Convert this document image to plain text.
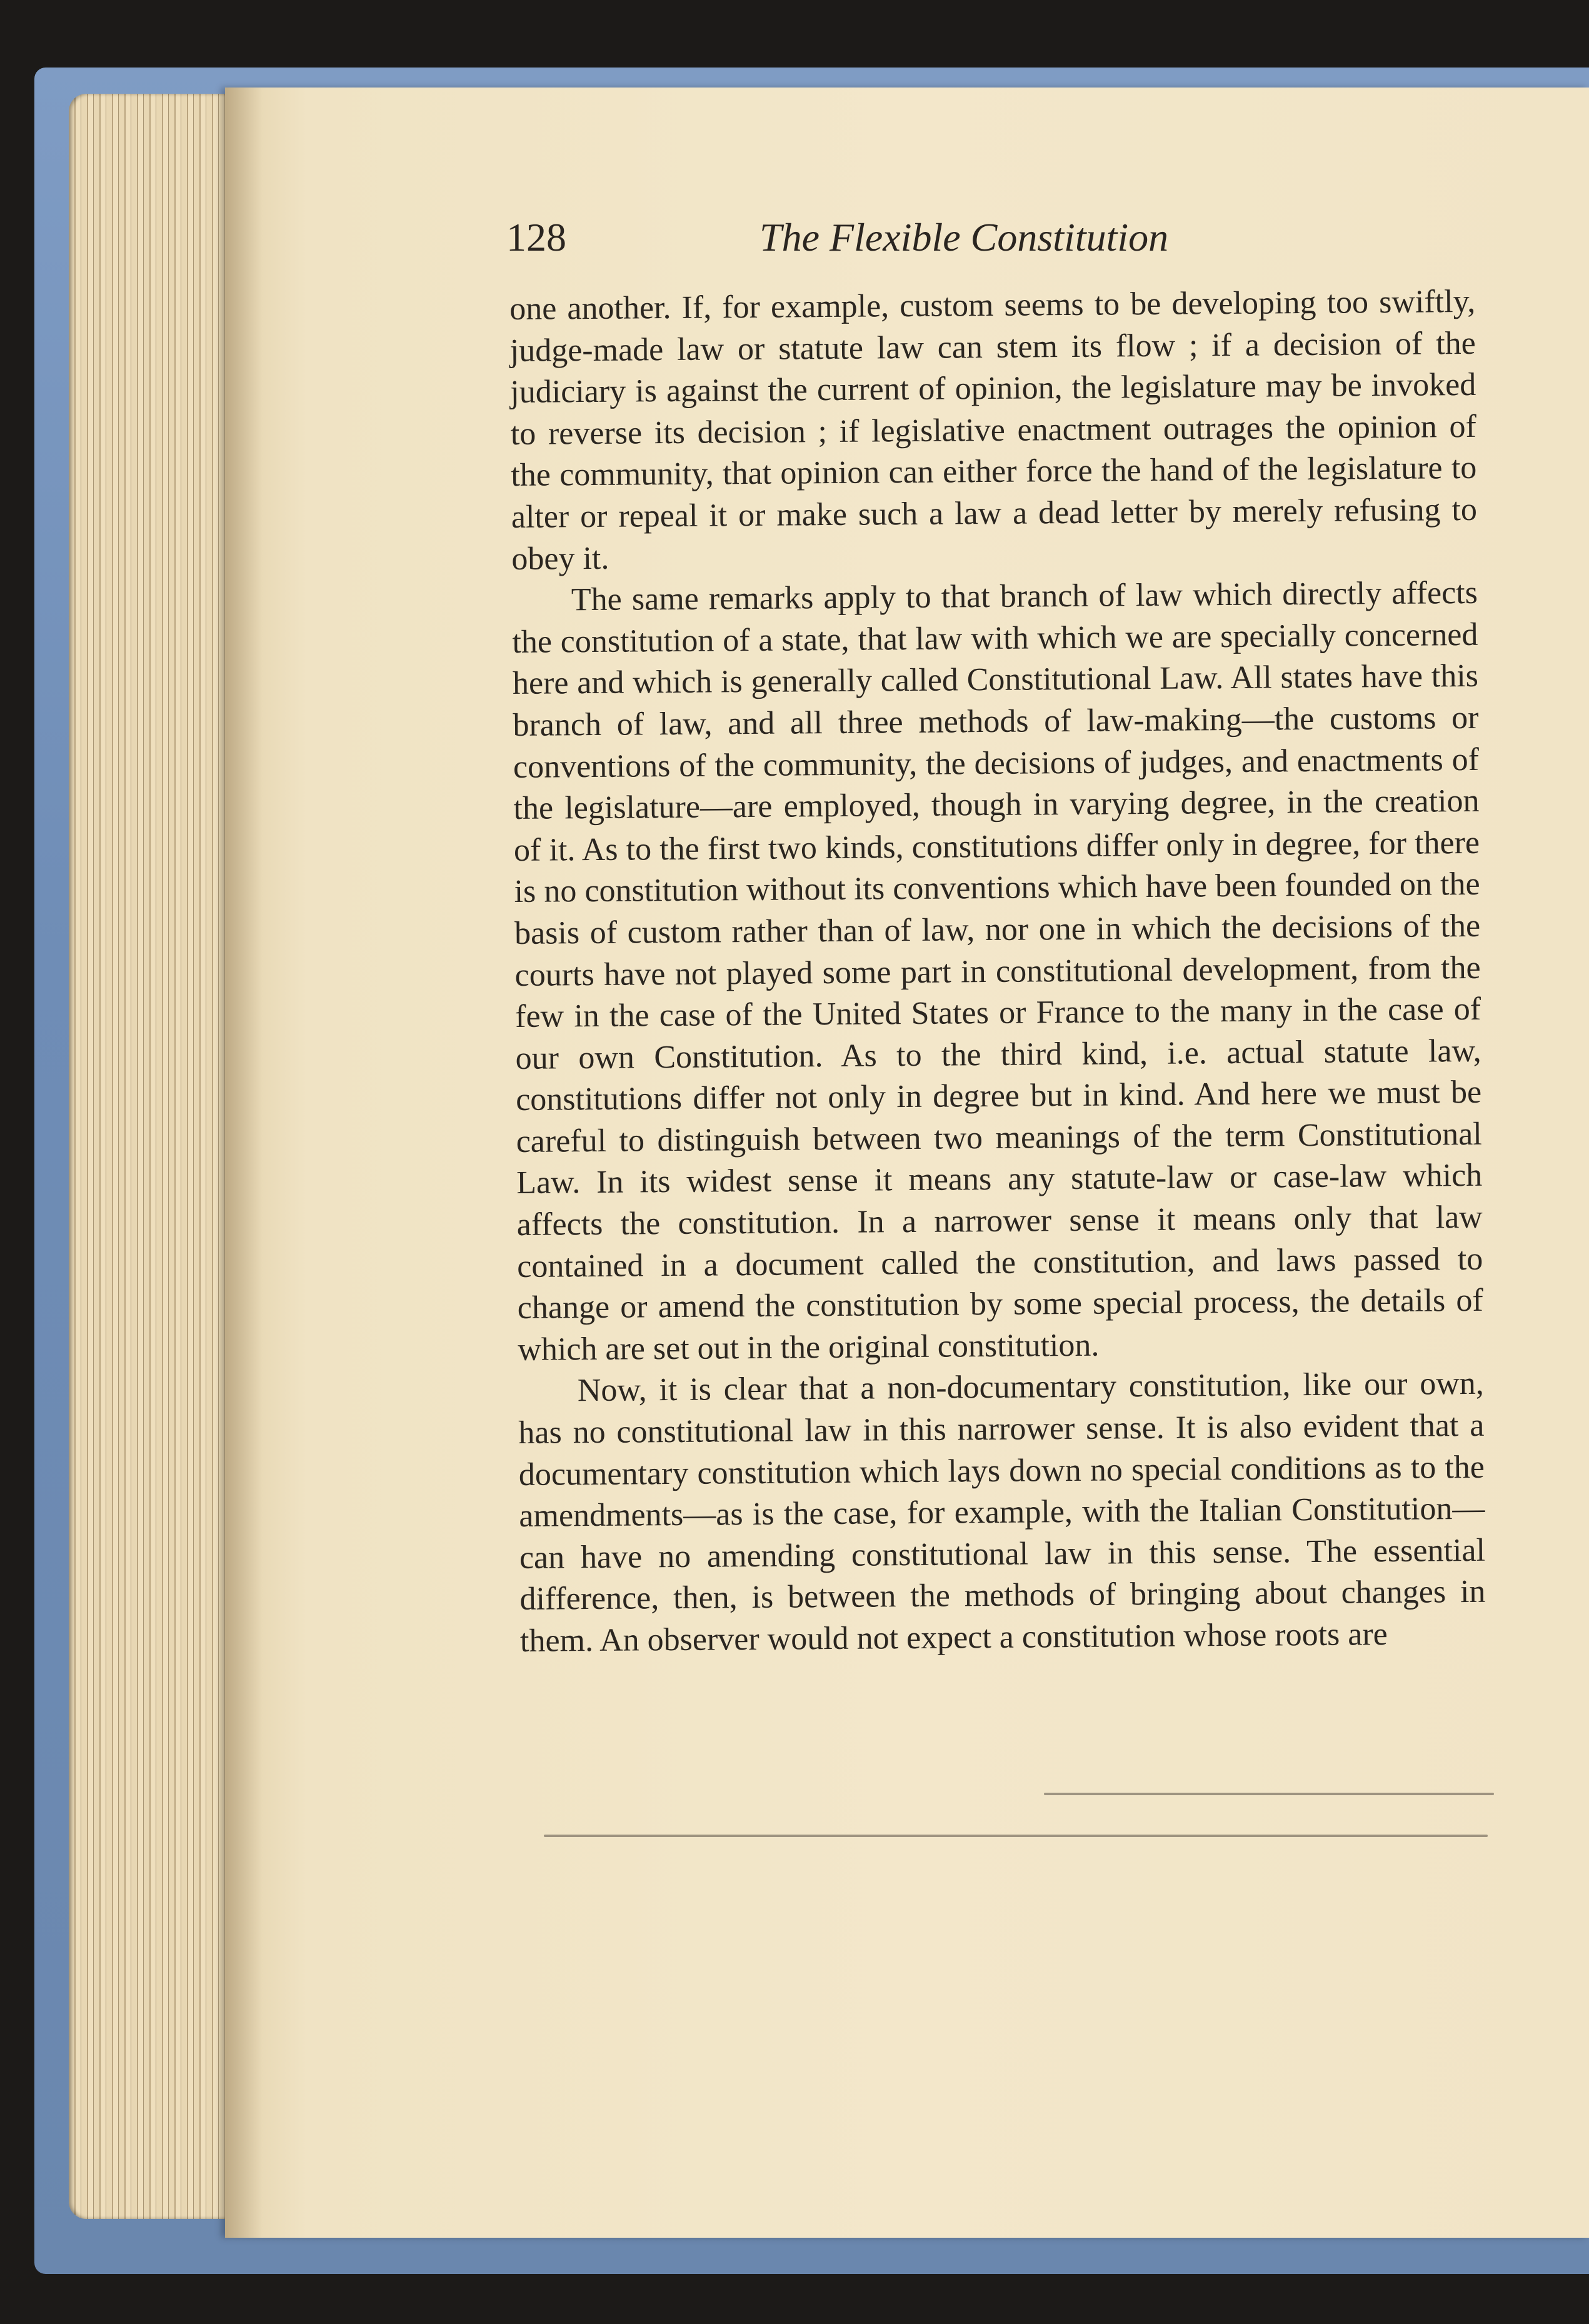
128	The Flexible Constitution

one another. If, for example, custom seems to be developing too swiftly, judge-made law or statute law can stem its flow ; if a decision of the judiciary is against the current of opinion, the legislature may be invoked to reverse its decision ; if legislative enactment outrages the opinion of the community, that opinion can either force the hand of the legislature to alter or repeal it or make such a law a dead letter by merely refusing to obey it.

The same remarks apply to that branch of law which directly affects the constitution of a state, that law with which we are specially concerned here and which is generally called Constitutional Law. All states have this branch of law, and all three methods of law-making—the customs or conventions of the community, the decisions of judges, and enactments of the legislature—are employed, though in varying degree, in the creation of it. As to the first two kinds, constitutions differ only in degree, for there is no constitution without its conventions which have been founded on the basis of custom rather than of law, nor one in which the decisions of the courts have not played some part in constitutional development, from the few in the case of the United States or France to the many in the case of our own Constitution. As to the third kind, i.e. actual statute law, constitutions differ not only in degree but in kind. And here we must be careful to distinguish between two meanings of the term Constitutional Law. In its widest sense it means any statute-law or case-law which affects the constitution. In a narrower sense it means only that law contained in a document called the constitution, and laws passed to change or amend the constitution by some special process, the details of which are set out in the original constitution.

Now, it is clear that a non-documentary constitution, like our own, has no constitutional law in this narrower sense. It is also evident that a documentary constitution which lays down no special conditions as to the amendments—as is the case, for example, with the Italian Constitution—can have no amending constitutional law in this sense. The essential difference, then, is between the methods of bringing about changes in them. An observer would not expect a constitution whose roots are
